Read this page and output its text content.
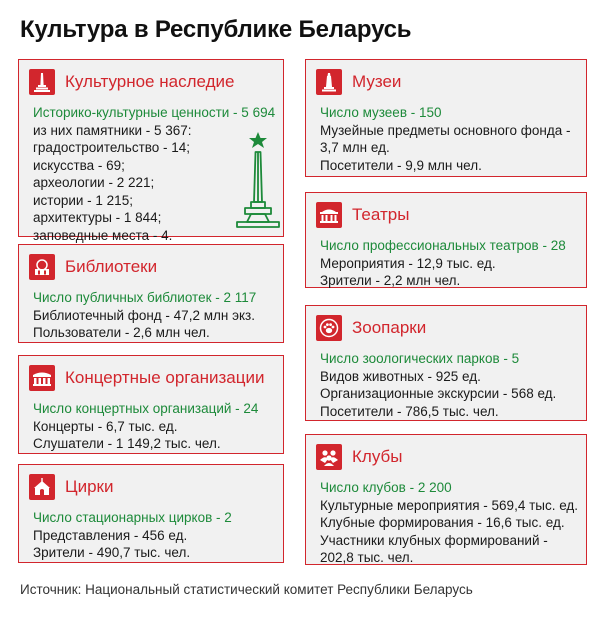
Культура в Республике Беларусь
Культурное наследие
Историко-культурные ценности - 5 694
из них памятники - 5 367:
градостроительство - 14;
искусства - 69;
археологии - 2 221;
истории - 1 215;
архитектуры - 1 844;
заповедные места - 4.
Библиотеки
Число публичных библиотек - 2 117
Библиотечный фонд - 47,2 млн экз.
Пользователи - 2,6 млн чел.
Концертные организации
Число концертных организаций - 24
Концерты - 6,7 тыс. ед.
Слушатели - 1 149,2 тыс. чел.
Цирки
Число стационарных цирков - 2
Представления - 456 ед.
Зрители - 490,7 тыс. чел.
Музеи
Число музеев - 150
Музейные предметы основного фонда -
3,7 млн ед.
Посетители - 9,9 млн чел.
Театры
Число профессиональных театров - 28
Мероприятия - 12,9 тыс. ед.
Зрители - 2,2 млн чел.
Зоопарки
Число зоологических парков - 5
Видов животных - 925 ед.
Организационные экскурсии - 568 ед.
Посетители - 786,5 тыс. чел.
Клубы
Число клубов - 2 200
Культурные мероприятия - 569,4 тыс. ед.
Клубные формирования - 16,6 тыс. ед.
Участники клубных формирований -
202,8 тыс. чел.
Источник: Национальный статистический комитет Республики Беларусь
